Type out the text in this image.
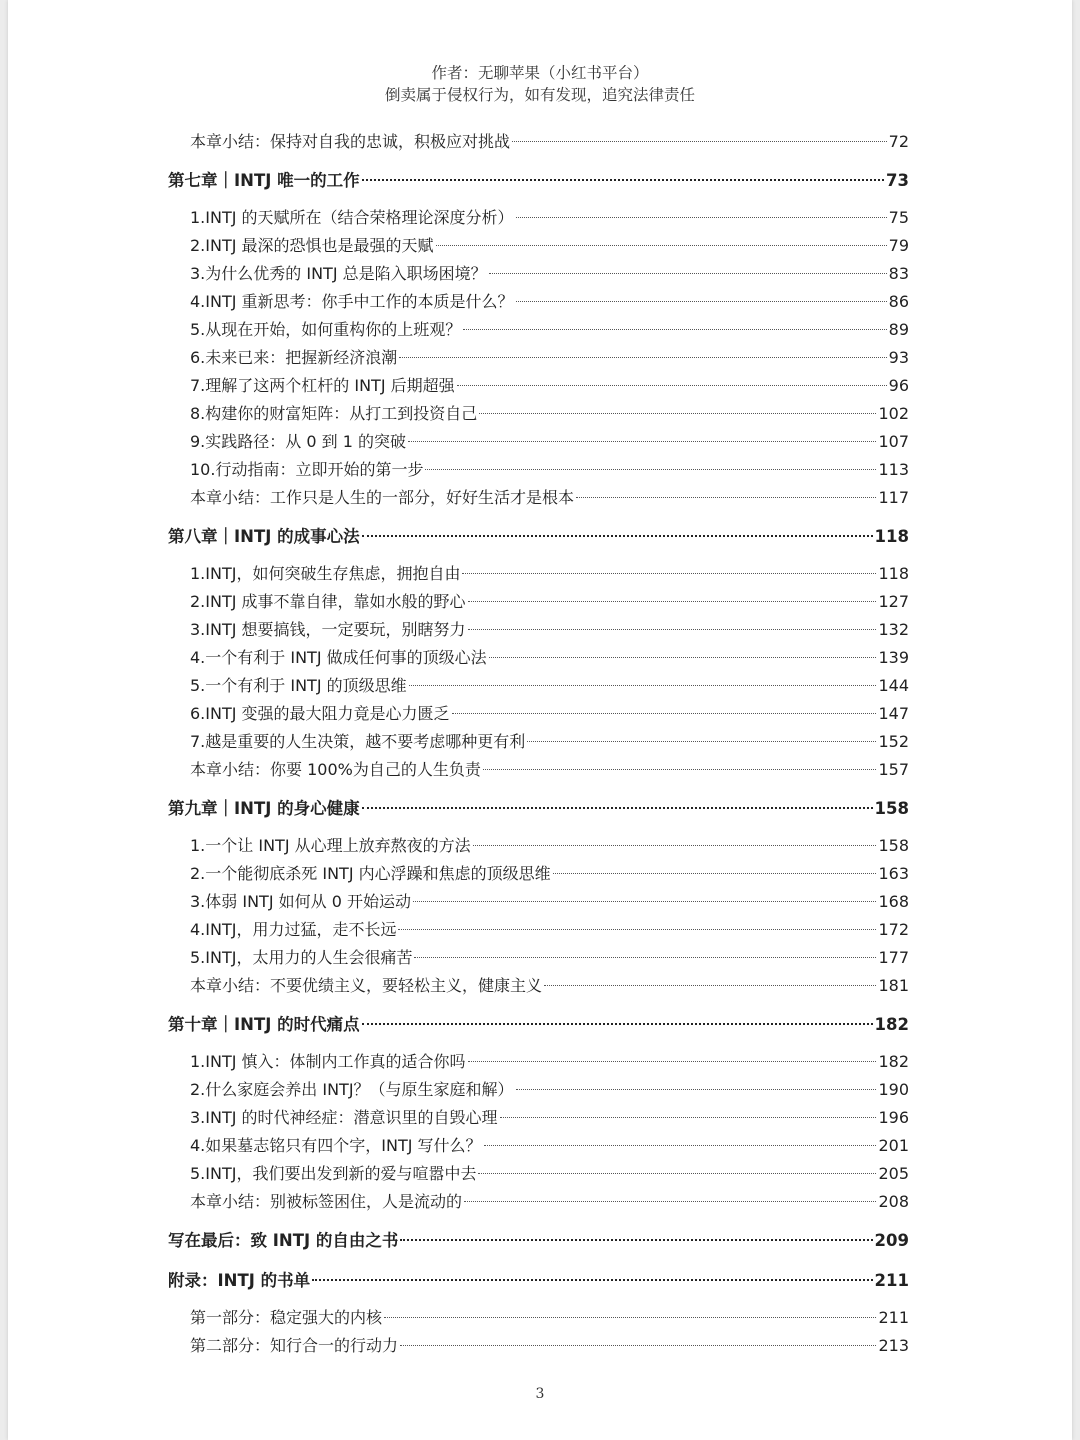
作者：无聊苹果（小红书平台）
倒卖属于侵权行为，如有发现，追究法律责任
本章小结：保持对自我的忠诚，积极应对挑战	72
第七章｜INTJ 唯一的工作	73
1.INTJ 的天赋所在（结合荣格理论深度分析）	75
2.INTJ 最深的恐惧也是最强的天赋	79
3.为什么优秀的 INTJ 总是陷入职场困境？	83
4.INTJ 重新思考：你手中工作的本质是什么？	86
5.从现在开始，如何重构你的上班观？	89
6.未来已来：把握新经济浪潮	93
7.理解了这两个杠杆的 INTJ 后期超强	96
8.构建你的财富矩阵：从打工到投资自己	102
9.实践路径：从 0 到 1 的突破	107
10.行动指南：立即开始的第一步	113
本章小结：工作只是人生的一部分，好好生活才是根本	117
第八章｜INTJ 的成事心法	118
1.INTJ，如何突破生存焦虑，拥抱自由	118
2.INTJ 成事不靠自律，靠如水般的野心	127
3.INTJ 想要搞钱，一定要玩，别瞎努力	132
4.一个有利于 INTJ 做成任何事的顶级心法	139
5.一个有利于 INTJ 的顶级思维	144
6.INTJ 变强的最大阻力竟是心力匮乏	147
7.越是重要的人生决策，越不要考虑哪种更有利	152
本章小结：你要 100%为自己的人生负责	157
第九章｜INTJ 的身心健康	158
1.一个让 INTJ 从心理上放弃熬夜的方法	158
2.一个能彻底杀死 INTJ 内心浮躁和焦虑的顶级思维	163
3.体弱 INTJ 如何从 0 开始运动	168
4.INTJ，用力过猛，走不长远	172
5.INTJ，太用力的人生会很痛苦	177
本章小结：不要优绩主义，要轻松主义，健康主义	181
第十章｜INTJ 的时代痛点	182
1.INTJ 慎入：体制内工作真的适合你吗	182
2.什么家庭会养出 INTJ？（与原生家庭和解）	190
3.INTJ 的时代神经症：潜意识里的自毁心理	196
4.如果墓志铭只有四个字，INTJ 写什么？	201
5.INTJ，我们要出发到新的爱与喧嚣中去	205
本章小结：别被标签困住，人是流动的	208
写在最后：致 INTJ 的自由之书	209
附录：INTJ 的书单	211
第一部分：稳定强大的内核	211
第二部分：知行合一的行动力	213
3
